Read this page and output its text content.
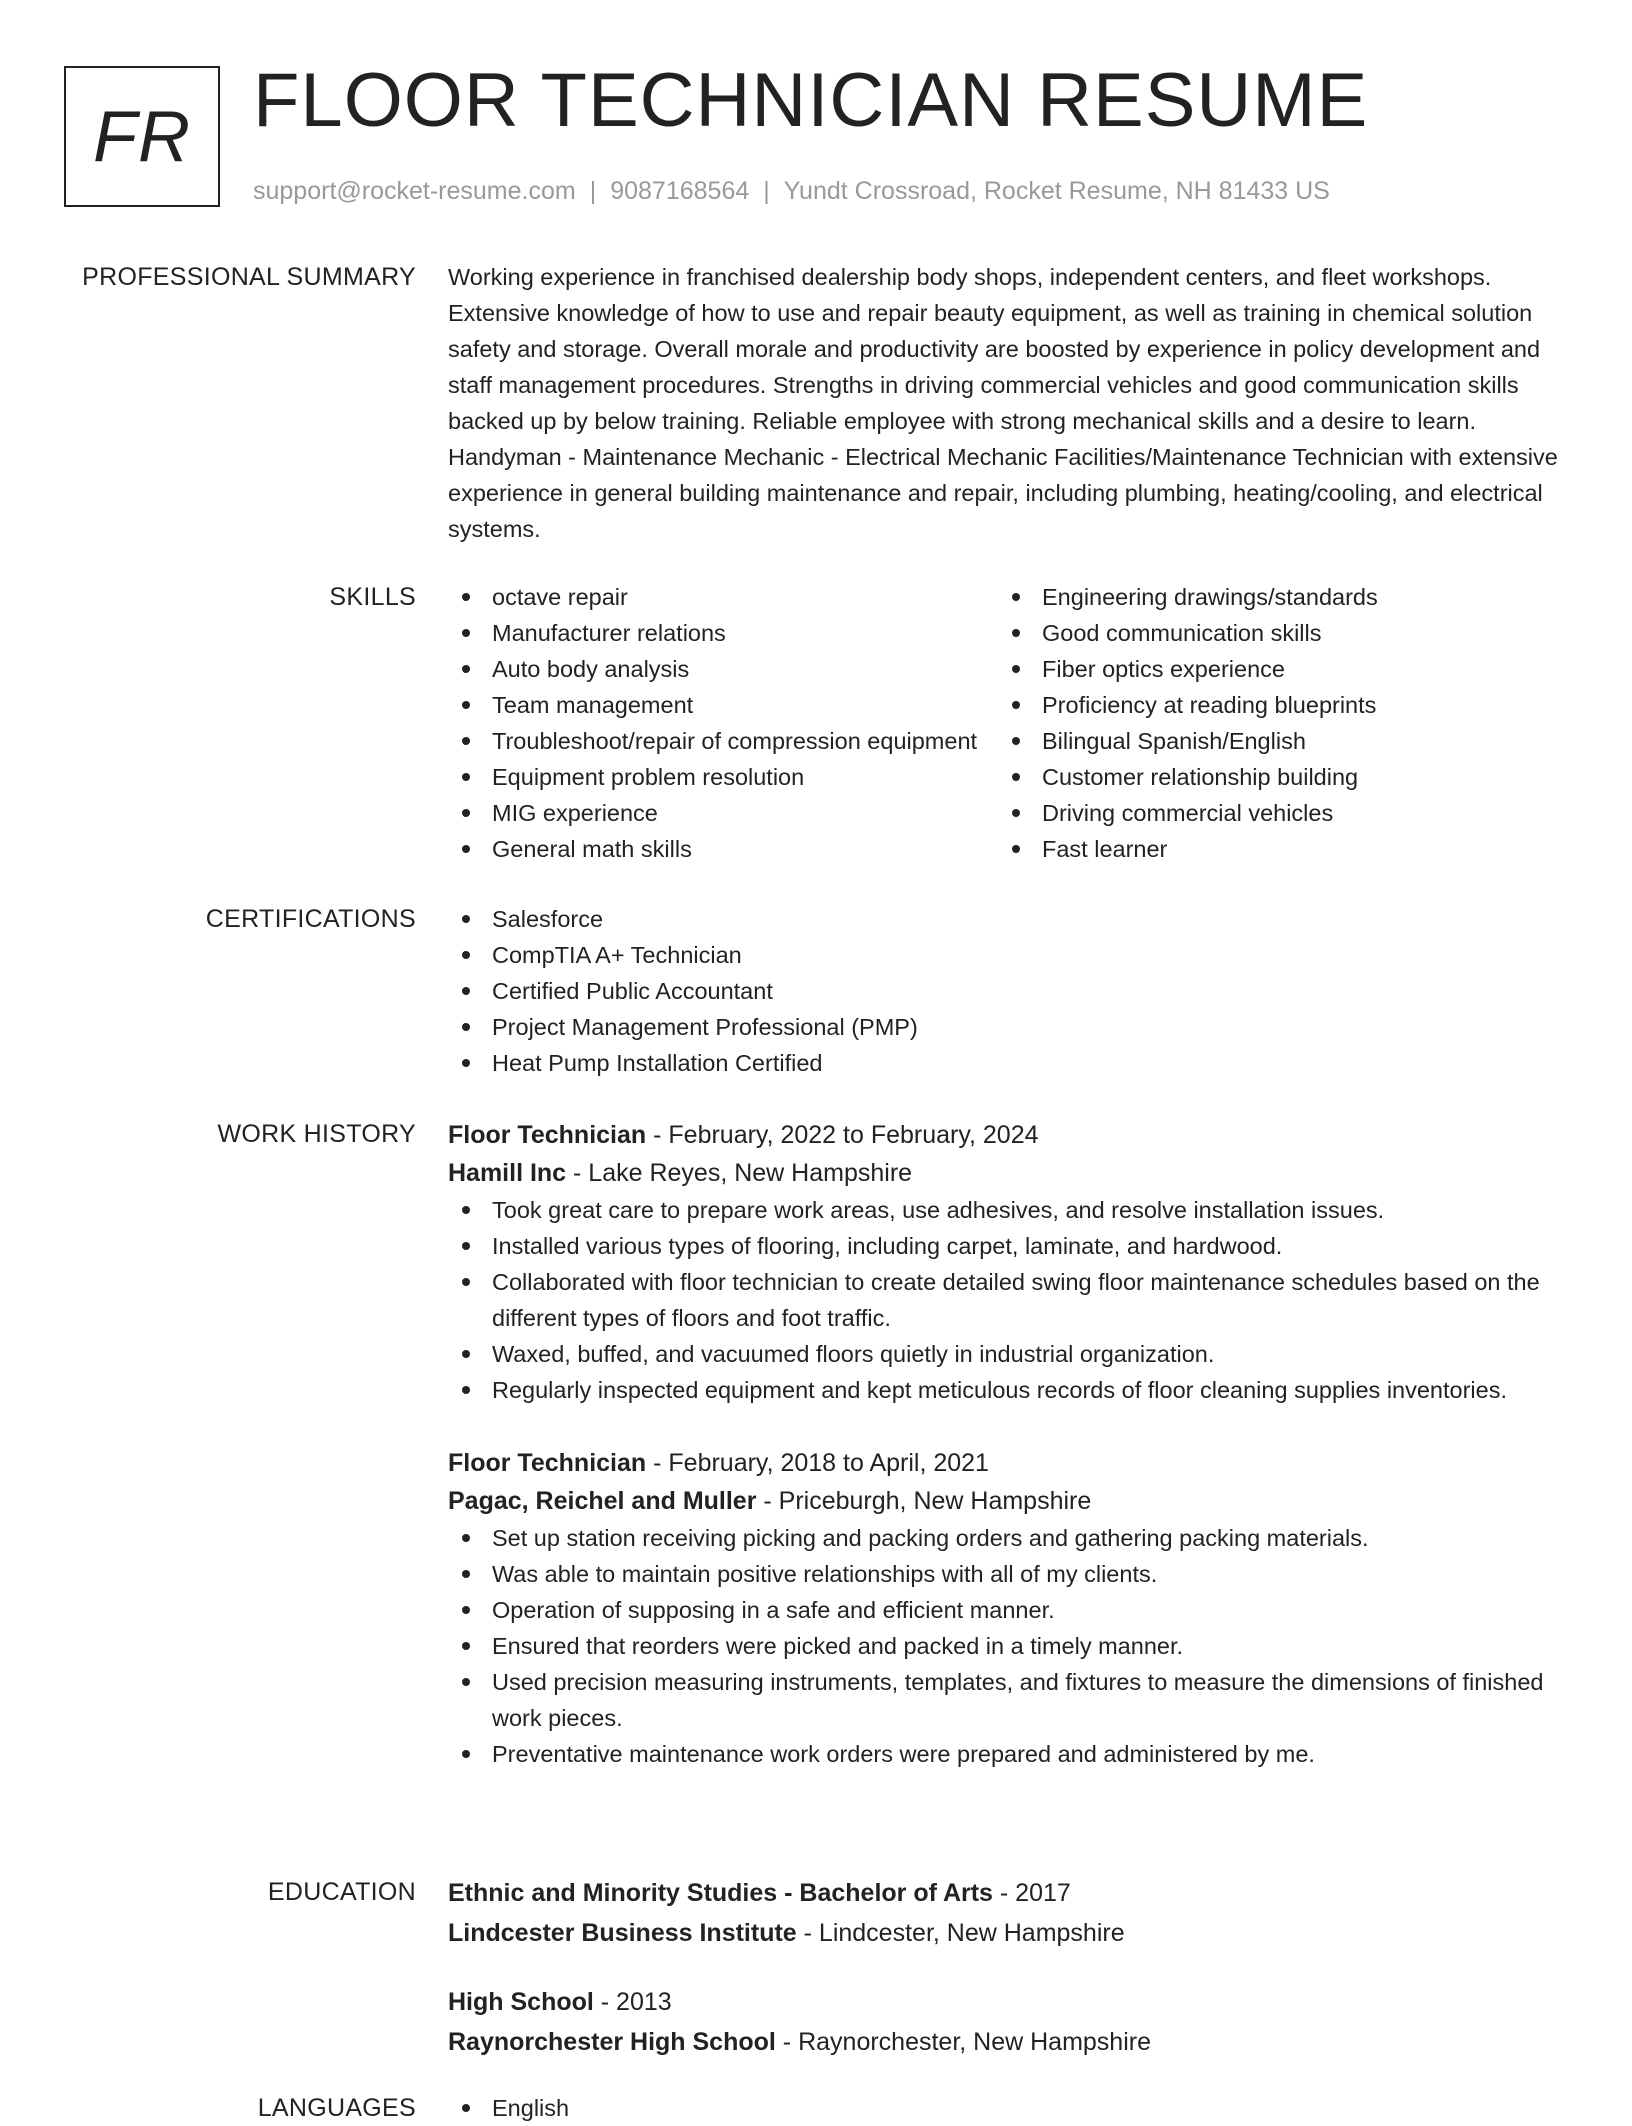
FR FLOOR TECHNICIAN RESUME
support@rocket-resume.com | 9087168564 | Yundt Crossroad, Rocket Resume, NH 81433 US
PROFESSIONAL SUMMARY Working experience in franchised dealership body shops, independent centers, and fleet workshops. Extensive knowledge of how to use and repair beauty equipment, as well as training in chemical solution safety and storage. Overall morale and productivity are boosted by experience in policy development and staff management procedures. Strengths in driving commercial vehicles and good communication skills backed up by below training. Reliable employee with strong mechanical skills and a desire to learn. Handyman - Maintenance Mechanic - Electrical Mechanic Facilities/Maintenance Technician with extensive experience in general building maintenance and repair, including plumbing, heating/cooling, and electrical systems.

SKILLS	octave repair
Manufacturer relations
Auto body analysis
Team management
Troubleshoot/repair of compression equipment
Equipment problem resolution
MIG experience
General math skills
Engineering drawings/standards
Good communication skills
Fiber optics experience
Proficiency at reading blueprints
Bilingual Spanish/English
Customer relationship building
Driving commercial vehicles
Fast learner
CERTIFICATIONS	Salesforce
CompTIA A+ Technician
Certified Public Accountant
Project Management Professional (PMP)
Heat Pump Installation Certified
WORK HISTORY Floor Technician - February, 2022 to February, 2024
Hamill Inc - Lake Reyes, New Hampshire
Took great care to prepare work areas, use adhesives, and resolve installation issues.
Installed various types of flooring, including carpet, laminate, and hardwood.
Collaborated with floor technician to create detailed swing floor maintenance schedules based on the different types of floors and foot traffic.
Waxed, buffed, and vacuumed floors quietly in industrial organization.
Regularly inspected equipment and kept meticulous records of floor cleaning supplies inventories.
Floor Technician - February, 2018 to April, 2021
Pagac, Reichel and Muller - Priceburgh, New Hampshire
Set up station receiving picking and packing orders and gathering packing materials.
Was able to maintain positive relationships with all of my clients.
Operation of supposing in a safe and efficient manner.
Ensured that reorders were picked and packed in a timely manner.
Used precision measuring instruments, templates, and fixtures to measure the dimensions of finished work pieces.
Preventative maintenance work orders were prepared and administered by me.
EDUCATION Ethnic and Minority Studies - Bachelor of Arts - 2017
Lindcester Business Institute - Lindcester, New Hampshire
High School - 2013
Raynorchester High School - Raynorchester, New Hampshire
LANGUAGES	English
